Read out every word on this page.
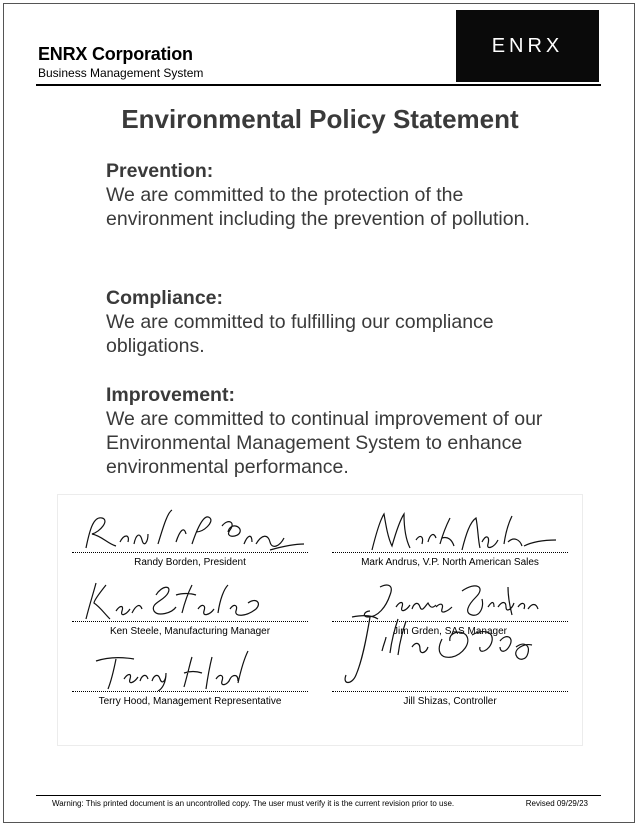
ENRX Corporation
Business Management System
ENRX
Environmental Policy Statement
Prevention:

We are committed to the protection of the environment including the prevention of pollution.

Compliance:

We are committed to fulfilling our compliance obligations.

Improvement:

We are committed to continual improvement of our Environmental Management System to enhance environmental performance.

Randy Borden, President	Mark Andrus, V.P. North American Sales
Ken Steele, Manufacturing Manager	Jim Grden, SAS Manager
Terry Hood, Management Representative	Jill Shizas, Controller
Warning: This printed document is an uncontrolled copy. The user must verify it is the current revision prior to use.	Revised 09/29/23
